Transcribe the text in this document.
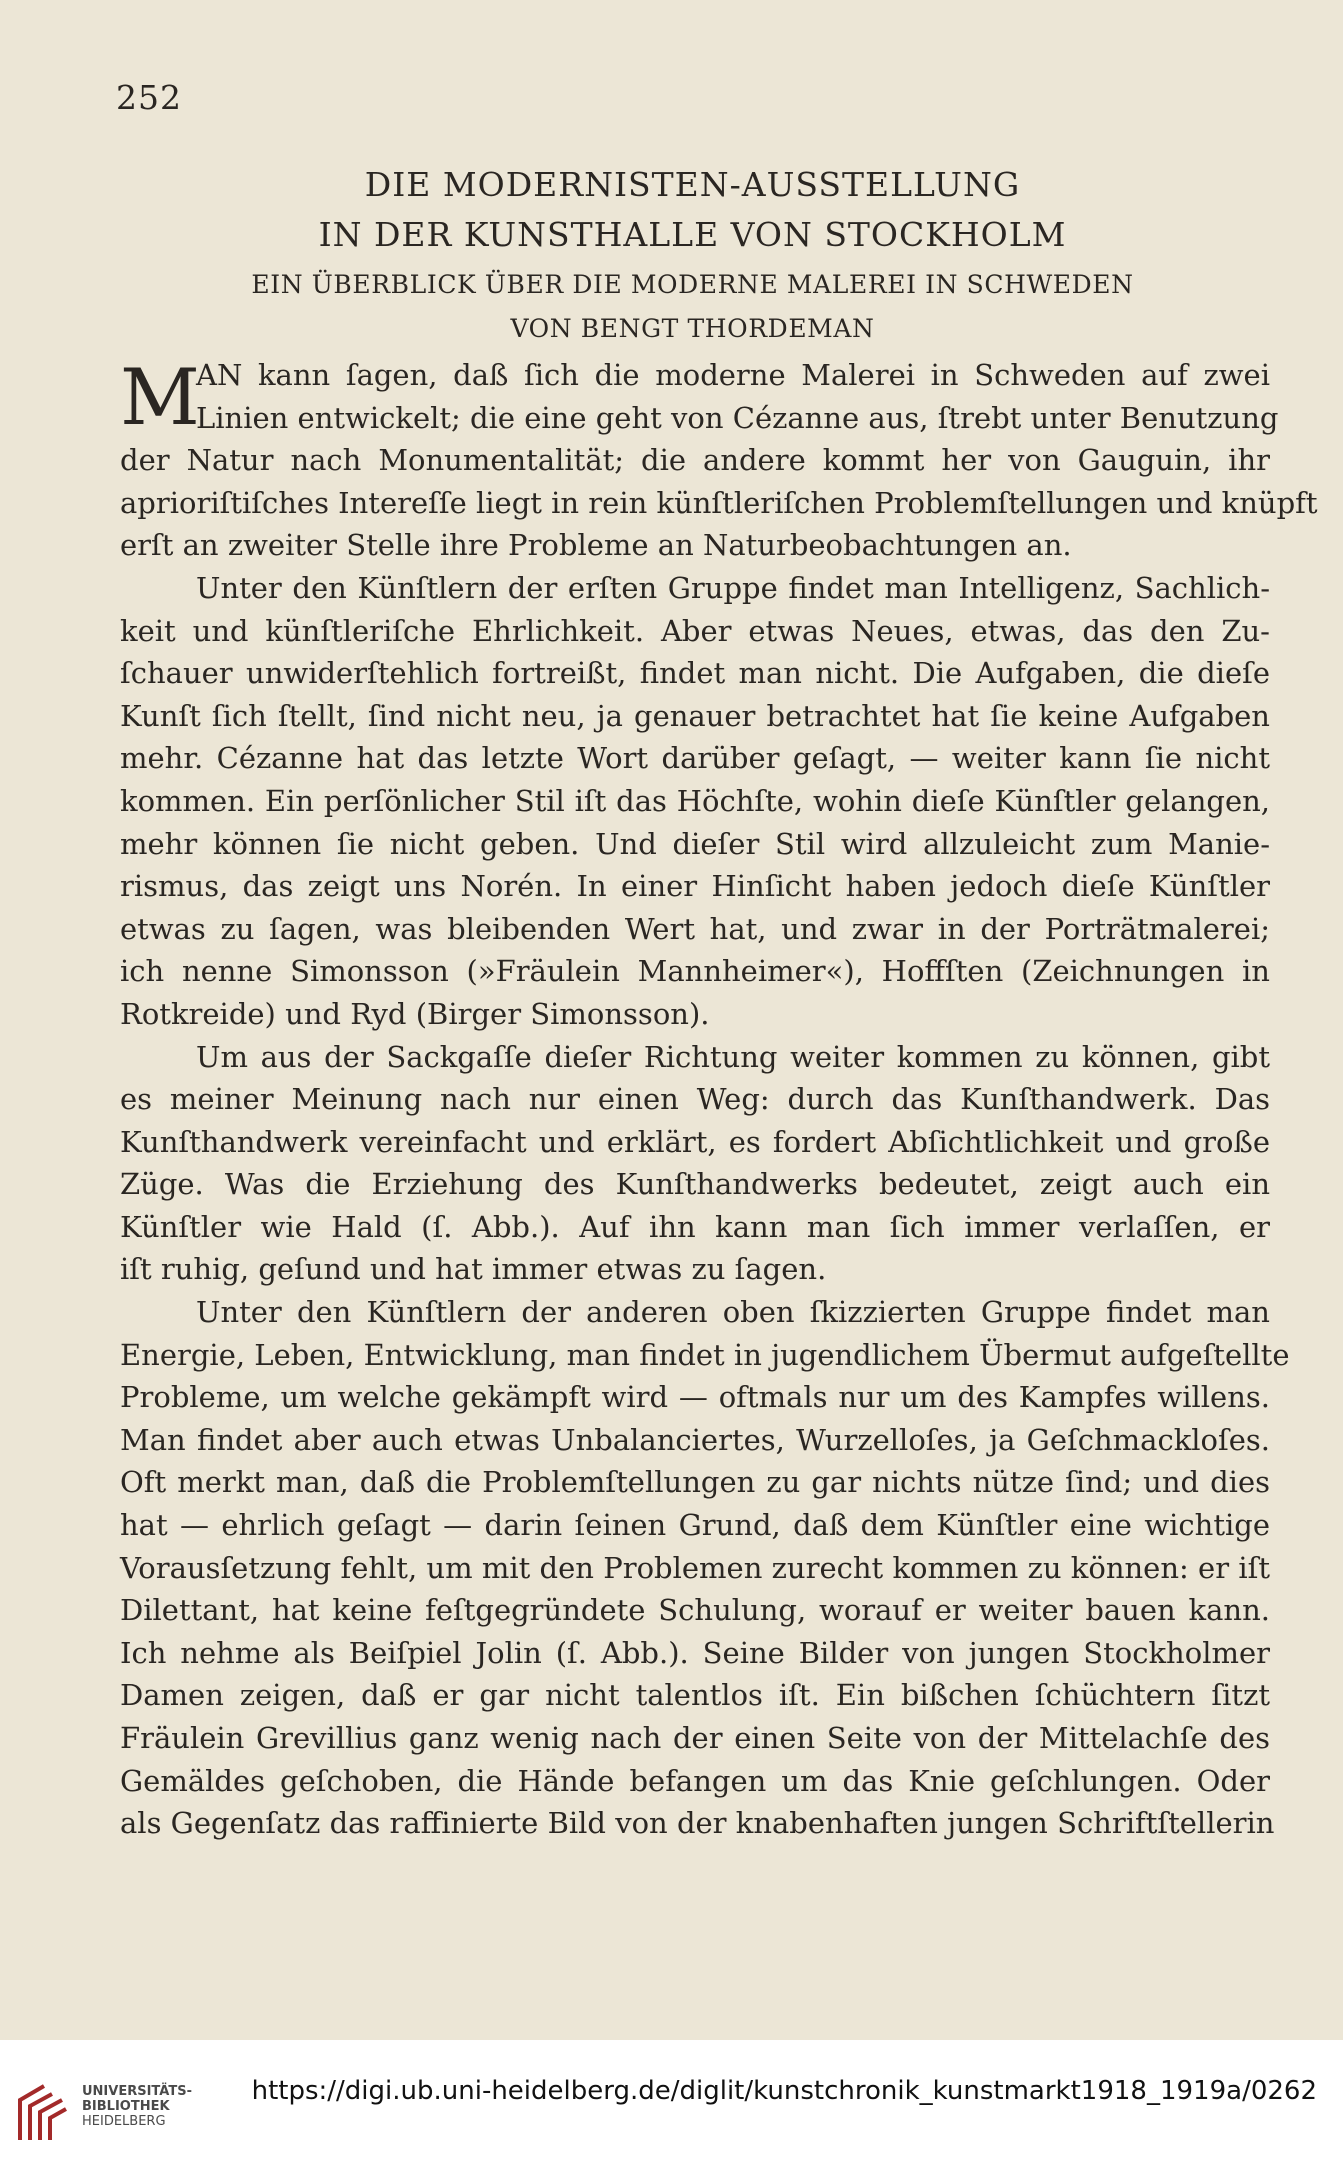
252
DIE MODERNISTEN-AUSSTELLUNG
IN DER KUNSTHALLE VON STOCKHOLM
EIN ÜBERBLICK ÜBER DIE MODERNE MALEREI IN SCHWEDEN
VON BENGT THORDEMAN
M
AN kann ſagen, daß ſich die moderne Malerei in Schweden auf zwei
Linien entwickelt; die eine geht von Cézanne aus, ſtrebt unter Benutzung
der Natur nach Monumentalität; die andere kommt her von Gauguin, ihr
aprioriſtiſches Intereſſe liegt in rein künſtleriſchen Problemſtellungen und knüpft
erſt an zweiter Stelle ihre Probleme an Naturbeobachtungen an.
Unter den Künſtlern der erſten Gruppe findet man Intelligenz, Sachlich-
keit und künſtleriſche Ehrlichkeit. Aber etwas Neues, etwas, das den Zu-
ſchauer unwiderſtehlich fortreißt, findet man nicht. Die Aufgaben, die dieſe
Kunſt ſich ſtellt, ſind nicht neu, ja genauer betrachtet hat ſie keine Aufgaben
mehr. Cézanne hat das letzte Wort darüber geſagt, — weiter kann ſie nicht
kommen. Ein perſönlicher Stil iſt das Höchſte, wohin dieſe Künſtler gelangen,
mehr können ſie nicht geben. Und dieſer Stil wird allzuleicht zum Manie-
rismus, das zeigt uns Norén. In einer Hinſicht haben jedoch dieſe Künſtler
etwas zu ſagen, was bleibenden Wert hat, und zwar in der Porträtmalerei;
ich nenne Simonsson (»Fräulein Mannheimer«), Hoffſten (Zeichnungen in
Rotkreide) und Ryd (Birger Simonsson).
Um aus der Sackgaſſe dieſer Richtung weiter kommen zu können, gibt
es meiner Meinung nach nur einen Weg: durch das Kunſthandwerk. Das
Kunſthandwerk vereinfacht und erklärt, es fordert Abſichtlichkeit und große
Züge. Was die Erziehung des Kunſthandwerks bedeutet, zeigt auch ein
Künſtler wie Hald (ſ. Abb.). Auf ihn kann man ſich immer verlaſſen, er
iſt ruhig, geſund und hat immer etwas zu ſagen.
Unter den Künſtlern der anderen oben ſkizzierten Gruppe findet man
Energie, Leben, Entwicklung, man findet in jugendlichem Übermut aufgeſtellte
Probleme, um welche gekämpft wird — oftmals nur um des Kampfes willens.
Man findet aber auch etwas Unbalanciertes, Wurzelloſes, ja Geſchmackloſes.
Oft merkt man, daß die Problemſtellungen zu gar nichts nütze ſind; und dies
hat — ehrlich geſagt — darin ſeinen Grund, daß dem Künſtler eine wichtige
Vorausſetzung fehlt, um mit den Problemen zurecht kommen zu können: er iſt
Dilettant, hat keine feſtgegründete Schulung, worauf er weiter bauen kann.
Ich nehme als Beiſpiel Jolin (ſ. Abb.). Seine Bilder von jungen Stockholmer
Damen zeigen, daß er gar nicht talentlos iſt. Ein bißchen ſchüchtern ſitzt
Fräulein Grevillius ganz wenig nach der einen Seite von der Mittelachſe des
Gemäldes geſchoben, die Hände befangen um das Knie geſchlungen. Oder
als Gegenſatz das raffinierte Bild von der knabenhaften jungen Schriftſtellerin
UNIVERSITÄTS-
BIBLIOTHEK
HEIDELBERG
https://digi.ub.uni-heidelberg.de/diglit/kunstchronik_kunstmarkt1918_1919a/0262
